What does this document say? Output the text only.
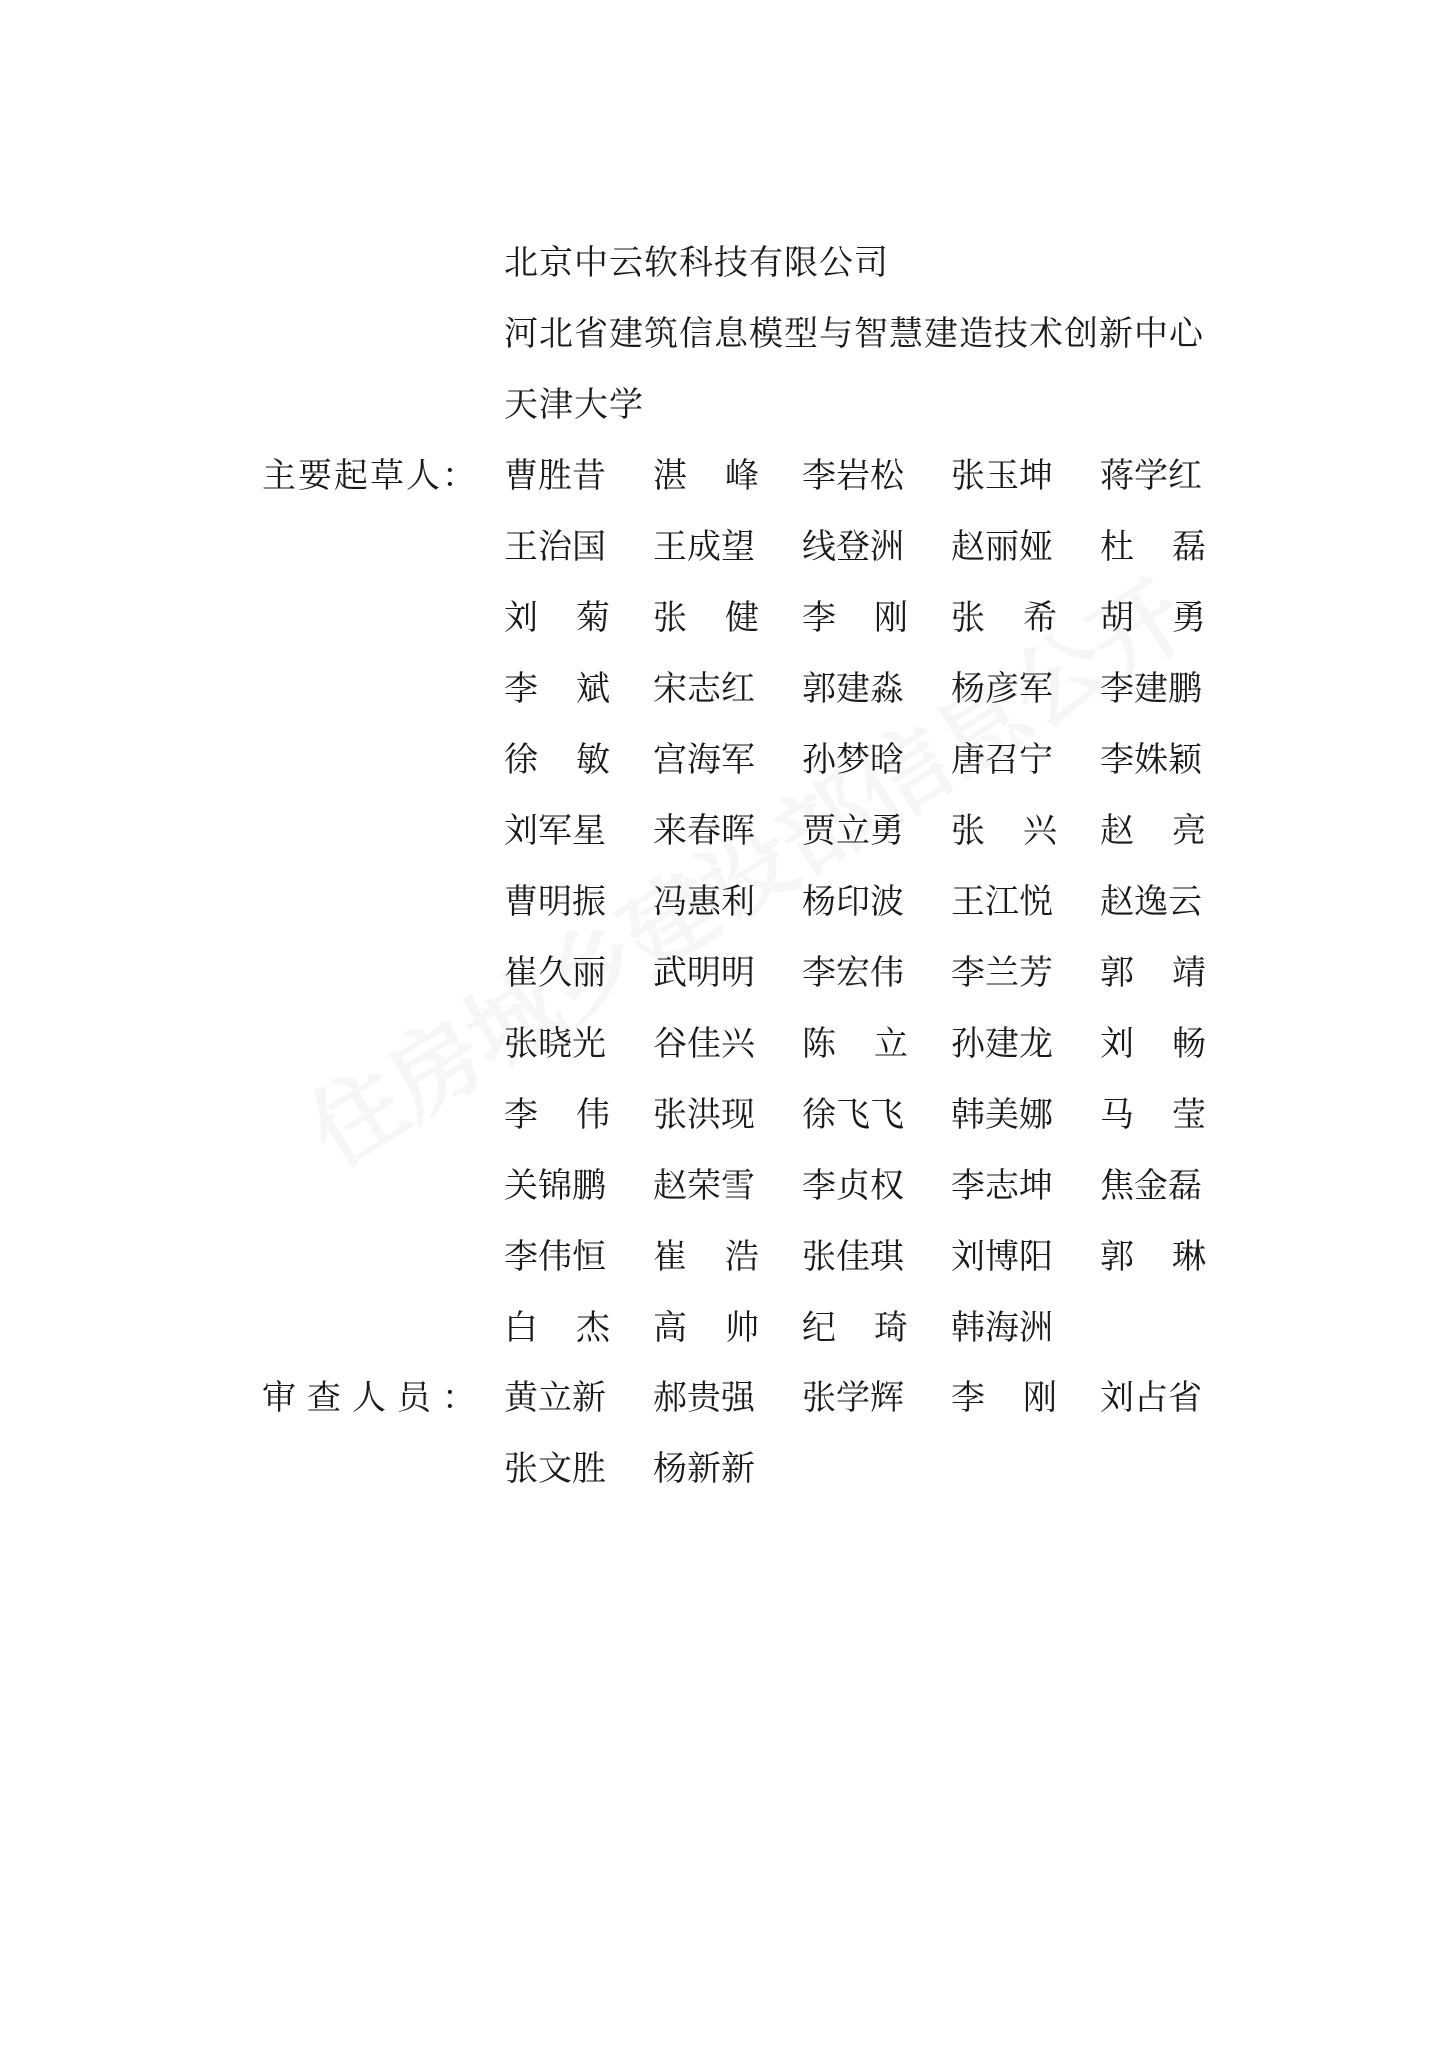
北京中云软科技有限公司
河北省建筑信息模型与智慧建造技术创新中心
天津大学
主要起草人： 曹胜昔	湛峰 李岩松	张玉坤	蒋学红
王治国	王成望	线登洲	赵丽娅	杜磊
刘菊 张健 李刚 张希 胡勇
李斌 宋志红	郭建淼	杨彦军	李建鹏
徐敏 宫海军	孙梦晗	唐召宁	李姝颖
刘军星	来春晖	贾立勇	张兴 赵亮
曹明振	冯惠利	杨印波	王江悦	赵逸云
崔久丽	武明明	李宏伟	李兰芳	郭靖
张晓光	谷佳兴	陈立 孙建龙	刘畅
李伟 张洪现	徐飞飞	韩美娜	马莹
关锦鹏	赵荣雪	李贞权	李志坤	焦金磊
李伟恒	崔浩 张佳琪	刘博阳	郭琳
白杰 高帅 纪琦 韩海洲
审查人员： 黄立新	郝贵强	张学辉	李刚 刘占省
张文胜	杨新新
